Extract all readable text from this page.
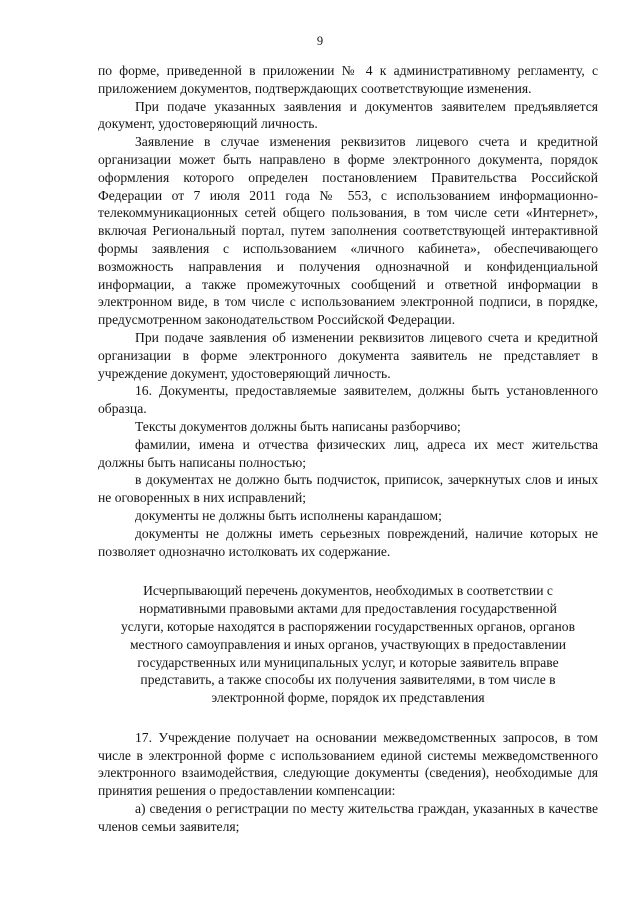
9

по форме, приведенной в приложении № 4 к административному регламенту, с приложением документов, подтверждающих соответствующие изменения.

При подаче указанных заявления и документов заявителем предъявляется документ, удостоверяющий личность.

Заявление в случае изменения реквизитов лицевого счета и кредитной организации может быть направлено в форме электронного документа, порядок оформления которого определен постановлением Правительства Российской Федерации от 7 июля 2011 года № 553, с использованием информационно-телекоммуникационных сетей общего пользования, в том числе сети «Интернет», включая Региональный портал, путем заполнения соответствующей интерактивной формы заявления с использованием «личного кабинета», обеспечивающего возможность направления и получения однозначной и конфиденциальной информации, а также промежуточных сообщений и ответной информации в электронном виде, в том числе с использованием электронной подписи, в порядке, предусмотренном законодательством Российской Федерации.

При подаче заявления об изменении реквизитов лицевого счета и кредитной организации в форме электронного документа заявитель не представляет в учреждение документ, удостоверяющий личность.

16. Документы, предоставляемые заявителем, должны быть установленного образца.

Тексты документов должны быть написаны разборчиво;

фамилии, имена и отчества физических лиц, адреса их мест жительства должны быть написаны полностью;

в документах не должно быть подчисток, приписок, зачеркнутых слов и иных не оговоренных в них исправлений;

документы не должны быть исполнены карандашом;

документы не должны иметь серьезных повреждений, наличие которых не позволяет однозначно истолковать их содержание.

Исчерпывающий перечень документов, необходимых в соответствии с

нормативными правовыми актами для предоставления государственной

услуги, которые находятся в распоряжении государственных органов, органов

местного самоуправления и иных органов, участвующих в предоставлении

государственных или муниципальных услуг, и которые заявитель вправе

представить, а также способы их получения заявителями, в том числе в

электронной форме, порядок их представления

17. Учреждение получает на основании межведомственных запросов, в том числе в электронной форме с использованием единой системы межведомственного электронного взаимодействия, следующие документы (сведения), необходимые для принятия решения о предоставлении компенсации:

а) сведения о регистрации по месту жительства граждан, указанных в качестве членов семьи заявителя;
